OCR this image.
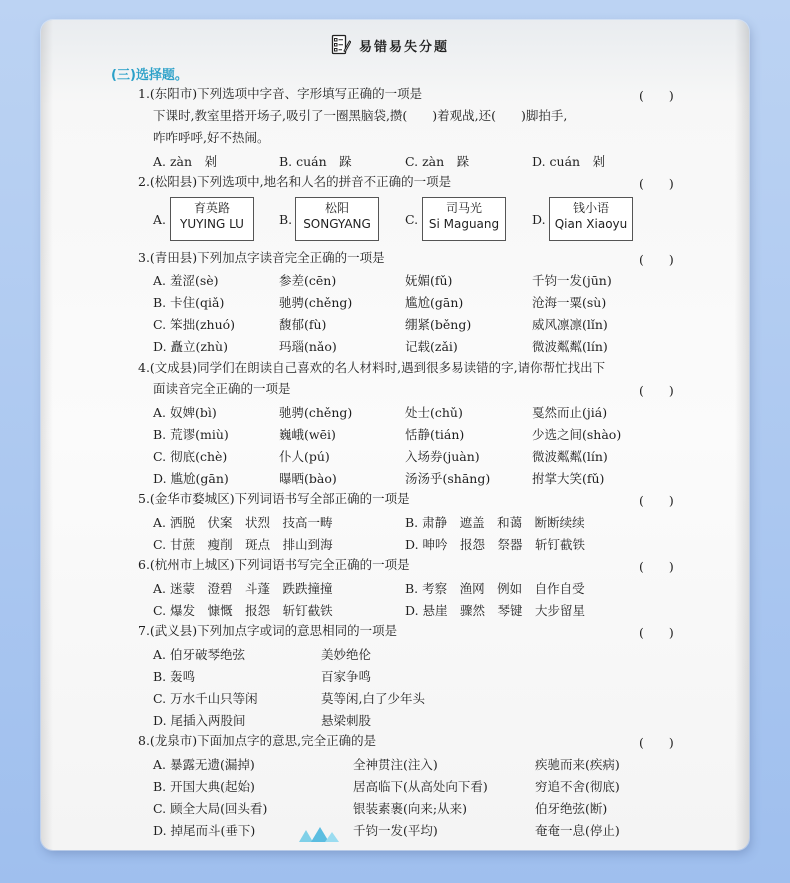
易错易失分题
(三)选择题。
1.(东阳市)下列选项中字音、字形填写正确的一项是	(　　)
下课时,教室里搭开场子,吸引了一圈黑脑袋,攒(　　)着观战,还(　　)脚拍手,
咋咋呼呼,好不热闹。
A. zàn　剁	B. cuán　跺	C. zàn　跺	D. cuán　剁
2.(松阳县)下列选项中,地名和人名的拼音不正确的一项是	(　　)
A.
育英路
YUYING LU	B.
松阳
SONGYANG	C.
司马光
Si Maguang	D.
钱小语
Qian Xiaoyu
3.(青田县)下列加点字读音完全正确的一项是	(　　)
A. 羞涩(sè)	参差(cēn)	妩媚(fǔ)	千钧一发(jūn)
B. 卡住(qiǎ)	驰骋(chěng)	尴尬(gān)	沧海一粟(sù)
C. 笨拙(zhuó)	馥郁(fù)	绷紧(běng)	威风凛凛(lǐn)
D. 矗立(zhù)	玛瑙(nǎo)	记载(zǎi)	微波粼粼(lín)
4.(文成县)同学们在朗读自己喜欢的名人材料时,遇到很多易读错的字,请你帮忙找出下
面读音完全正确的一项是	(　　)
A. 奴婢(bì)	驰骋(chěng)	处士(chǔ)	戛然而止(jiá)
B. 荒谬(miù)	巍峨(wēi)	恬静(tián)	少选之间(shào)
C. 彻底(chè)	仆人(pú)	入场券(juàn)	微波粼粼(lín)
D. 尴尬(gān)	曝晒(bào)	汤汤乎(shāng)	拊掌大笑(fǔ)
5.(金华市婺城区)下列词语书写全部正确的一项是	(　　)
A. 洒脱　伏案　状烈　技高一畴	B. 肃静　遮盖　和蔼　断断续续
C. 甘蔗　瘦削　斑点　排山到海	D. 呻吟　报怨　祭器　斩钉截铁
6.(杭州市上城区)下列词语书写完全正确的一项是	(　　)
A. 迷蒙　澄碧　斗蓬　跌跌撞撞	B. 考察　渔网　例如　自作自受
C. 爆发　慷慨　报怨　斩钉截铁	D. 悬崖　骤然　琴键　大步留星
7.(武义县)下列加点字或词的意思相同的一项是	(　　)
A. 伯牙破琴绝弦	美妙绝伦
B. 轰鸣	百家争鸣
C. 万水千山只等闲	莫等闲,白了少年头
D. 尾插入两股间	悬梁刺股
8.(龙泉市)下面加点字的意思,完全正确的是	(　　)
A. 暴露无遗(漏掉)	全神贯注(注入)	疾驰而来(疾病)
B. 开国大典(起始)	居高临下(从高处向下看)	穷追不舍(彻底)
C. 顾全大局(回头看)	银装素裹(向来;从来)	伯牙绝弦(断)
D. 掉尾而斗(垂下)	千钧一发(平均)	奄奄一息(停止)
